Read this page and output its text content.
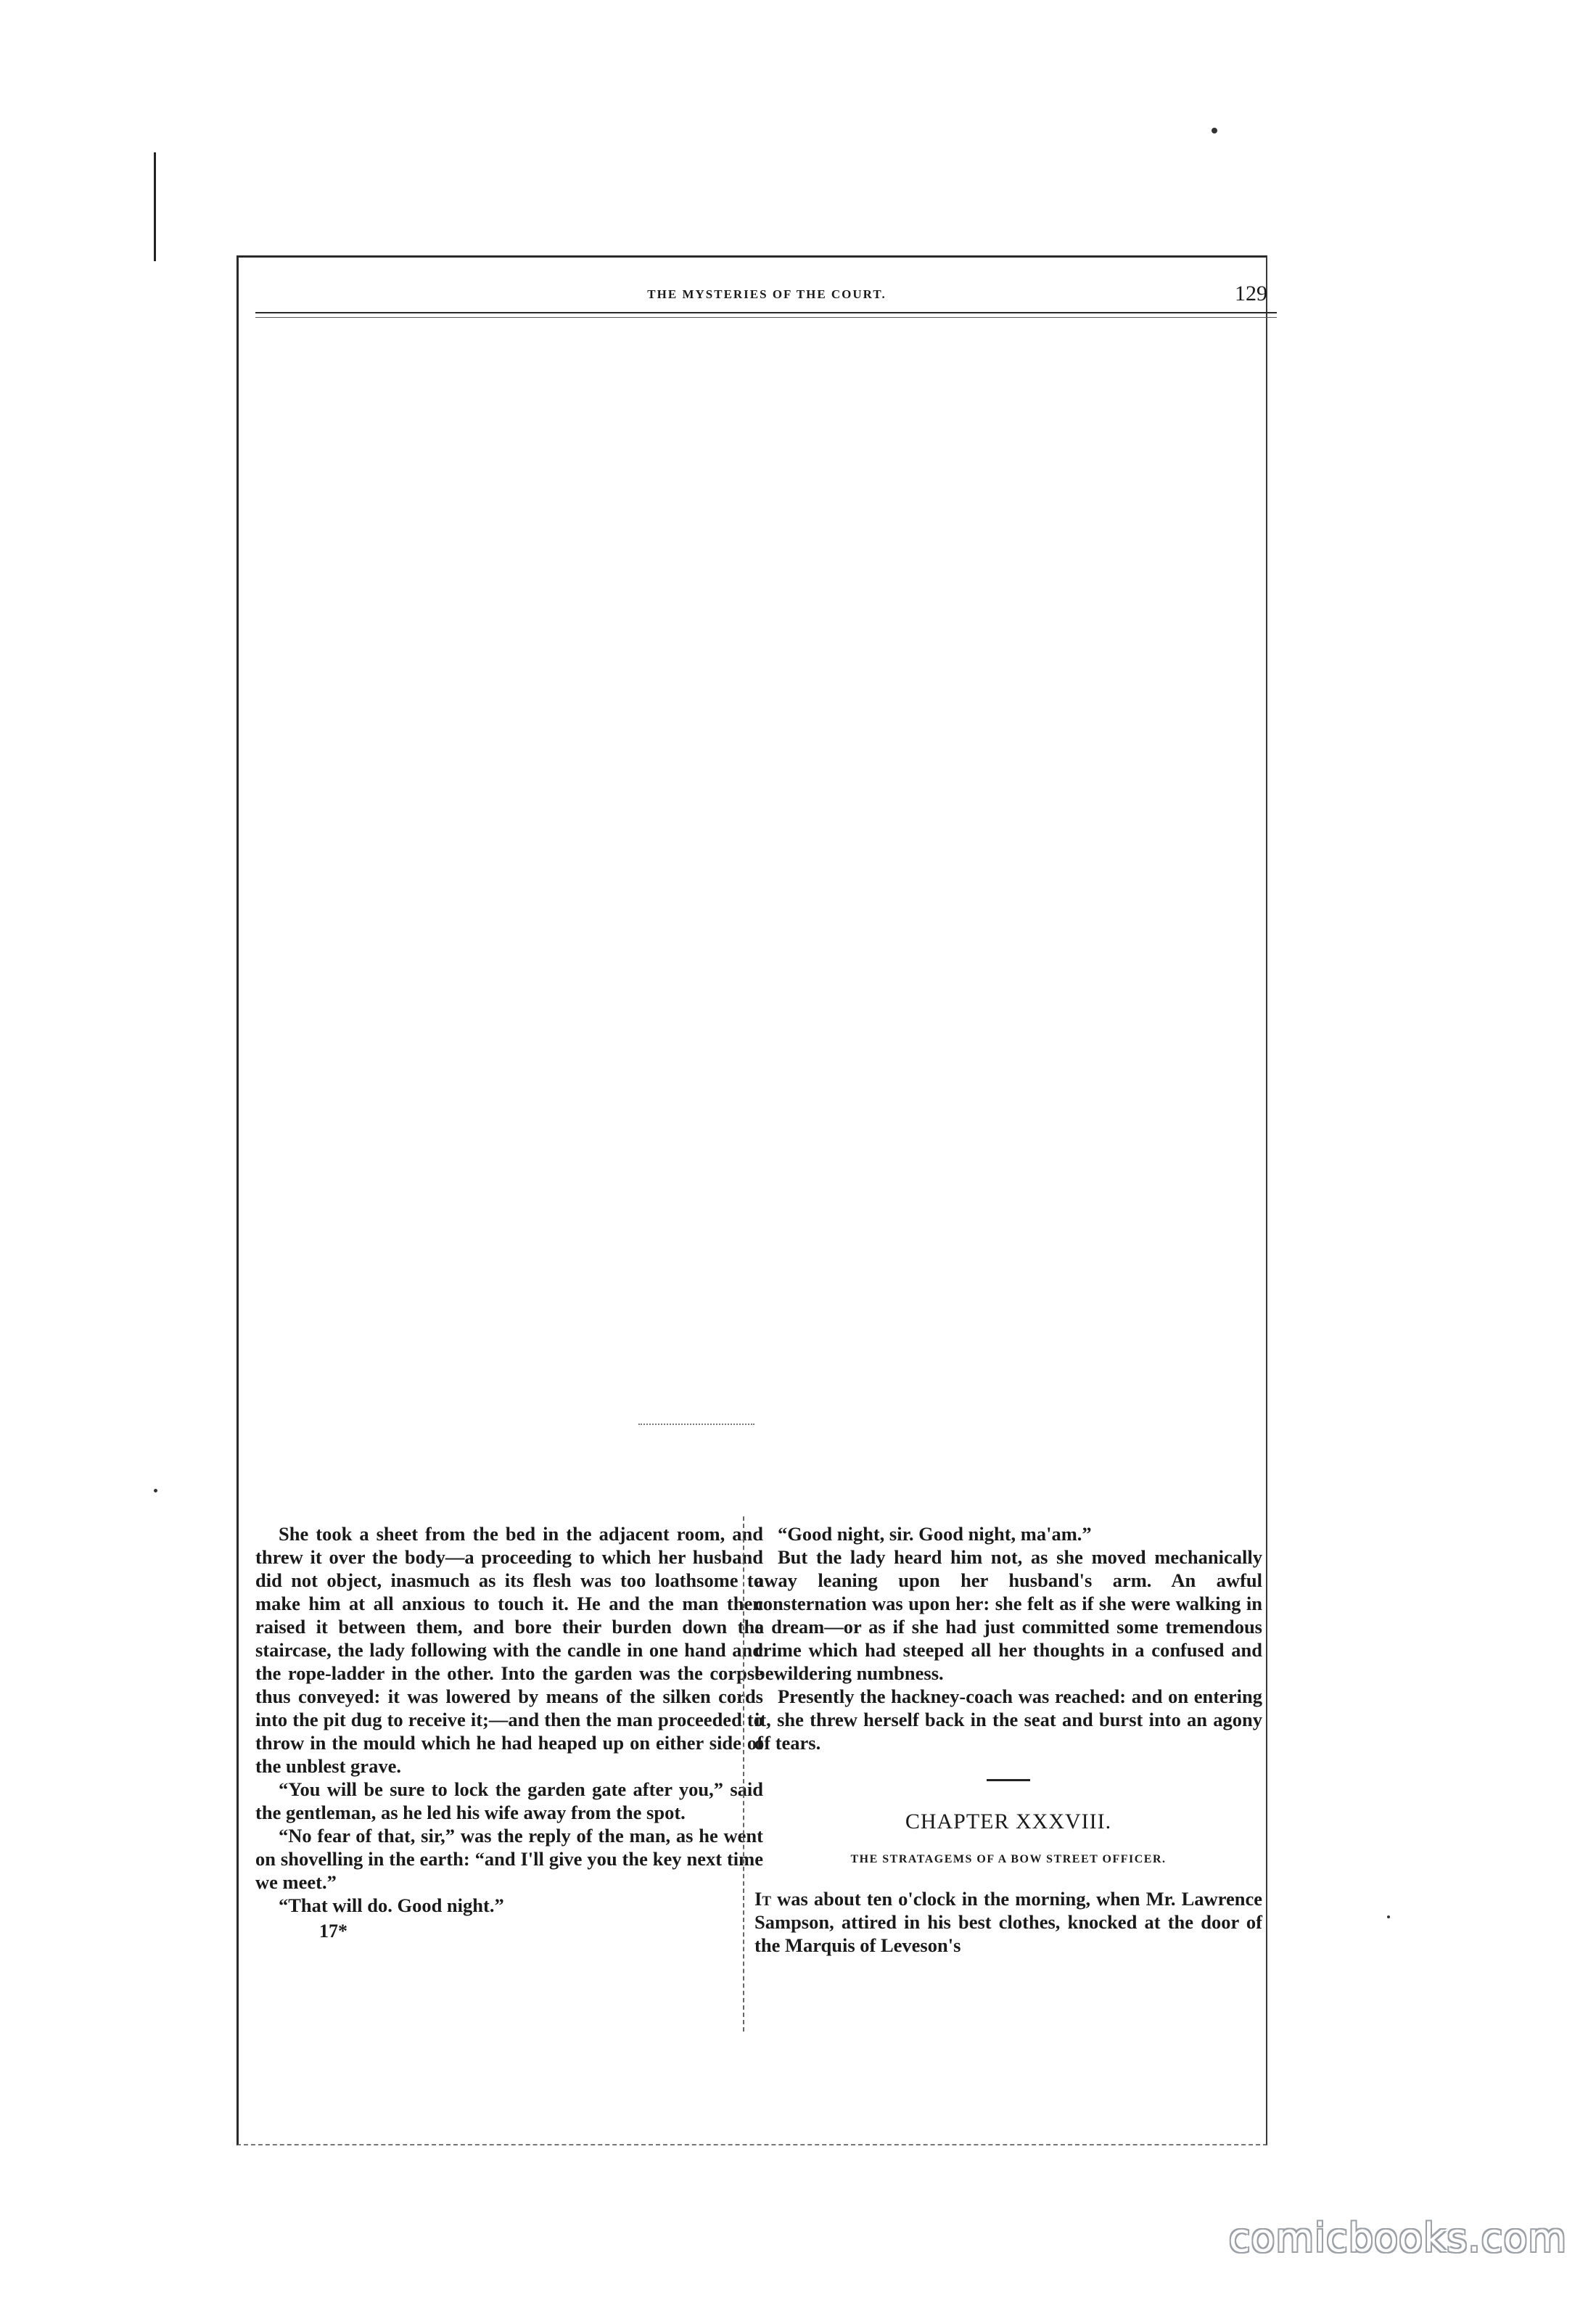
THE MYSTERIES OF THE COURT.	129

She took a sheet from the bed in the adjacent room, and threw it over the body—a proceeding to which her husband did not object, inasmuch as its flesh was too loathsome to make him at all anxious to touch it. He and the man then raised it between them, and bore their burden down the staircase, the lady following with the candle in one hand and the rope-ladder in the other. Into the garden was the corpse thus conveyed: it was lowered by means of the silken cords into the pit dug to receive it;—and then the man proceeded to throw in the mould which he had heaped up on either side of the unblest grave.

“You will be sure to lock the garden gate after you,” said the gentleman, as he led his wife away from the spot.

“No fear of that, sir,” was the reply of the man, as he went on shovelling in the earth: “and I'll give you the key next time we meet.”

“That will do. Good night.”

17*

“Good night, sir. Good night, ma'am.”

But the lady heard him not, as she moved mechanically away leaning upon her husband's arm. An awful consternation was upon her: she felt as if she were walking in a dream—or as if she had just committed some tremendous crime which had steeped all her thoughts in a confused and bewildering numbness.

Presently the hackney-coach was reached: and on entering it, she threw herself back in the seat and burst into an agony of tears.

CHAPTER XXXVIII.
THE STRATAGEMS OF A BOW STREET OFFICER.

It was about ten o'clock in the morning, when Mr. Lawrence Sampson, attired in his best clothes, knocked at the door of the Marquis of Leveson's

comicbooks.com
